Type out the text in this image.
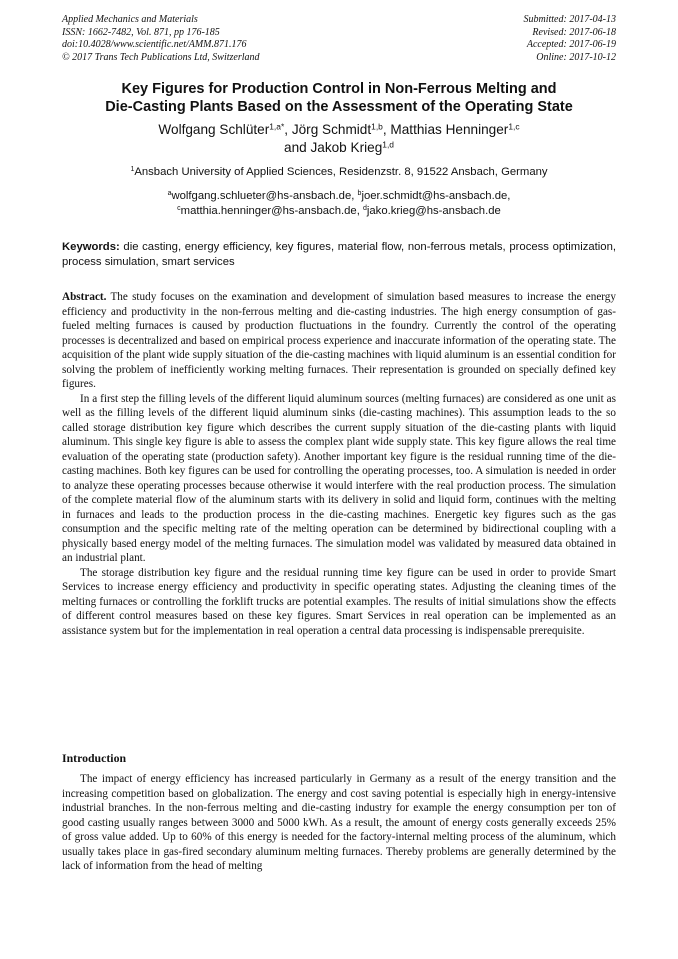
Applied Mechanics and Materials
ISSN: 1662-7482, Vol. 871, pp 176-185
doi:10.4028/www.scientific.net/AMM.871.176
© 2017 Trans Tech Publications Ltd, Switzerland
Submitted: 2017-04-13
Revised: 2017-06-18
Accepted: 2017-06-19
Online: 2017-10-12
Key Figures for Production Control in Non-Ferrous Melting and
Die-Casting Plants Based on the Assessment of the Operating State
Wolfgang Schlüter$^{1,a*}$, Jörg Schmidt$^{1,b}$, Matthias Henninger$^{1,c}$
and Jakob Krieg$^{1,d}$
$^1$Ansbach University of Applied Sciences, Residenzstr. 8, 91522 Ansbach, Germany
$^a$wolfgang.schlueter@hs-ansbach.de, $^b$joer.schmidt@hs-ansbach.de,
$^c$matthia.henninger@hs-ansbach.de, $^d$jako.krieg@hs-ansbach.de
Keywords: die casting, energy efficiency, key figures, material flow, non-ferrous metals, process optimization, process simulation, smart services

Abstract. The study focuses on the examination and development of simulation based measures to increase the energy efficiency and productivity in the non-ferrous melting and die-casting industries. The high energy consumption of gas-fueled melting furnaces is caused by production fluctuations in the foundry. Currently the control of the operating processes is decentralized and based on empirical process experience and inaccurate information of the operating state. The acquisition of the plant wide supply situation of the die-casting machines with liquid aluminum is an essential condition for solving the problem of inefficiently working melting furnaces. Their representation is grounded on specially defined key figures.

In a first step the filling levels of the different liquid aluminum sources (melting furnaces) are considered as one unit as well as the filling levels of the different liquid aluminum sinks (die-casting machines). This assumption leads to the so called storage distribution key figure which describes the current supply situation of the die-casting plants with liquid aluminum. This single key figure is able to assess the complex plant wide supply state. This key figure allows the real time evaluation of the operating state (production safety). Another important key figure is the residual running time of the die-casting machines. Both key figures can be used for controlling the operating processes, too. A simulation is needed in order to analyze these operating processes because otherwise it would interfere with the real production process. The simulation of the complete material flow of the aluminum starts with its delivery in solid and liquid form, continues with the melting in furnaces and leads to the production process in the die-casting machines. Energetic key figures such as the gas consumption and the specific melting rate of the melting operation can be determined by bidirectional coupling with a physically based energy model of the melting furnaces. The simulation model was validated by measured data obtained in an industrial plant.

The storage distribution key figure and the residual running time key figure can be used in order to provide Smart Services to increase energy efficiency and productivity in specific operating states. Adjusting the cleaning times of the melting furnaces or controlling the forklift trucks are potential examples. The results of initial simulations show the effects of different control measures based on these key figures. Smart Services in real operation can be implemented as an assistance system but for the implementation in real operation a central data processing is indispensable prerequisite.

Introduction

The impact of energy efficiency has increased particularly in Germany as a result of the energy transition and the increasing competition based on globalization. The energy and cost saving potential is especially high in energy-intensive industrial branches. In the non-ferrous melting and die-casting industry for example the energy consumption per ton of good casting usually ranges between 3000 and 5000 kWh. As a result, the amount of energy costs generally exceeds 25% of gross value added. Up to 60% of this energy is needed for the factory-internal melting process of the aluminum, which usually takes place in gas-fired secondary aluminum melting furnaces. Thereby problems are generally determined by the lack of information from the head of melting
